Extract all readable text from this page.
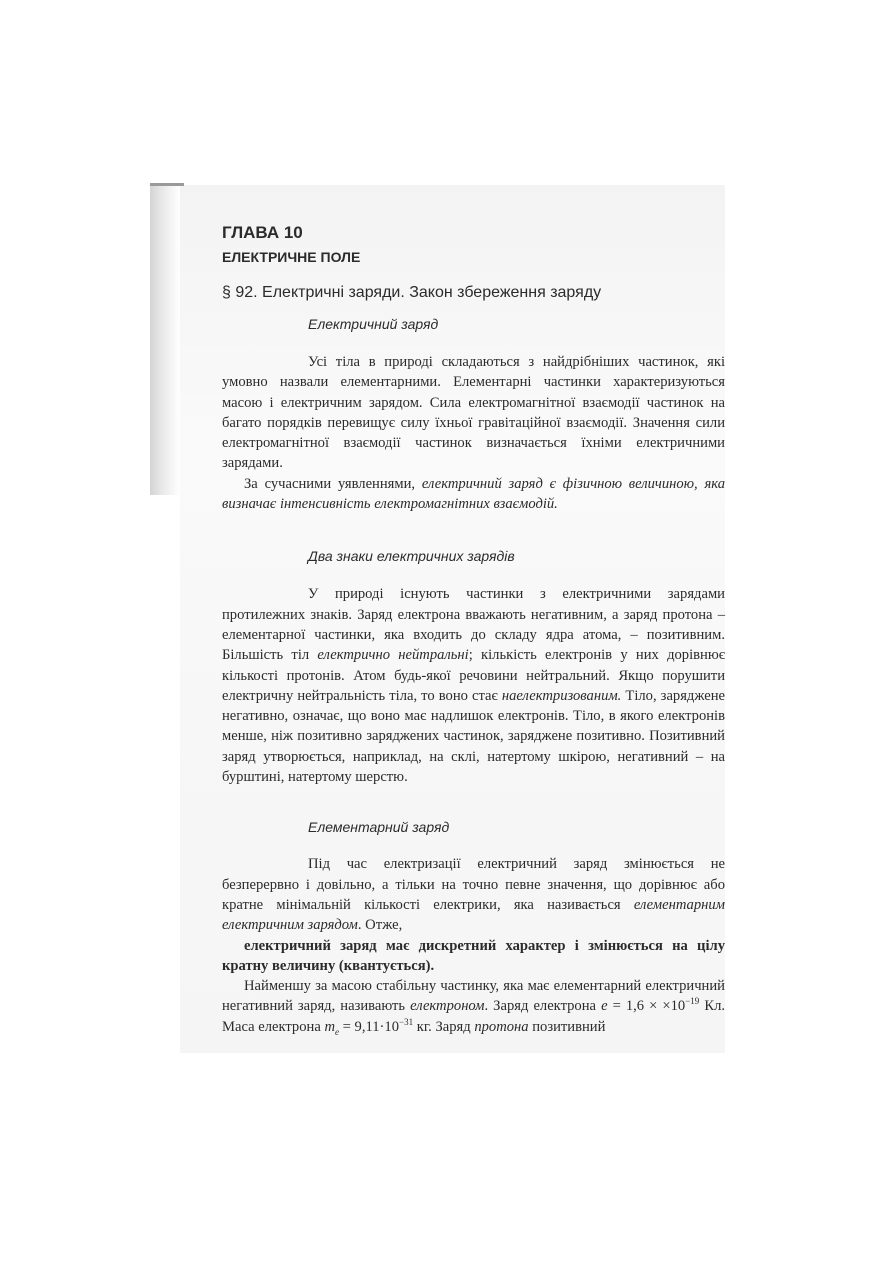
ГЛАВА 10
ЕЛЕКТРИЧНЕ ПОЛЕ
§ 92. Електричні заряди. Закон збереження заряду
Електричний заряд

Усі тіла в природі складаються з найдрібніших частинок, які умовно назвали елементарними. Елементарні частинки характеризуються масою і електричним зарядом. Сила електромагнітної взаємодії частинок на багато порядків перевищує силу їхньої гравітаційної взаємодії. Значення сили електромагнітної взаємодії частинок визначається їхніми електричними зарядами.

За сучасними уявленнями, електричний заряд є фізичною величиною, яка визначає інтенсивність електромагнітних взаємодій.

Два знаки електричних зарядів

У природі існують частинки з електричними зарядами протилежних знаків. Заряд електрона вважають негативним, а заряд протона – елементарної частинки, яка входить до складу ядра атома, – позитивним. Більшість тіл електрично нейтральні; кількість електронів у них дорівнює кількості протонів. Атом будь-якої речовини нейтральний. Якщо порушити електричну нейтральність тіла, то воно стає наелектризованим. Тіло, заряджене негативно, означає, що воно має надлишок електронів. Тіло, в якого електронів менше, ніж позитивно заряджених частинок, заряджене позитивно. Позитивний заряд утворюється, наприклад, на склі, натертому шкірою, негативний – на бурштині, натертому шерстю.

Елементарний заряд

Під час електризації електричний заряд змінюється не безперервно і довільно, а тільки на точно певне значення, що дорівнює або кратне мінімальній кількості електрики, яка називається елементарним електричним зарядом. Отже,

електричний заряд має дискретний характер і змінюється на цілу кратну величину (квантується).

Найменшу за масою стабільну частинку, яка має елементарний електричний негативний заряд, називають електроном. Заряд електрона $e = 1,6 \times \times 10^{-19}$ Кл. Маса електрона $m_e = 9,11\cdot 10^{-31}$ кг. Заряд протона позитивний
